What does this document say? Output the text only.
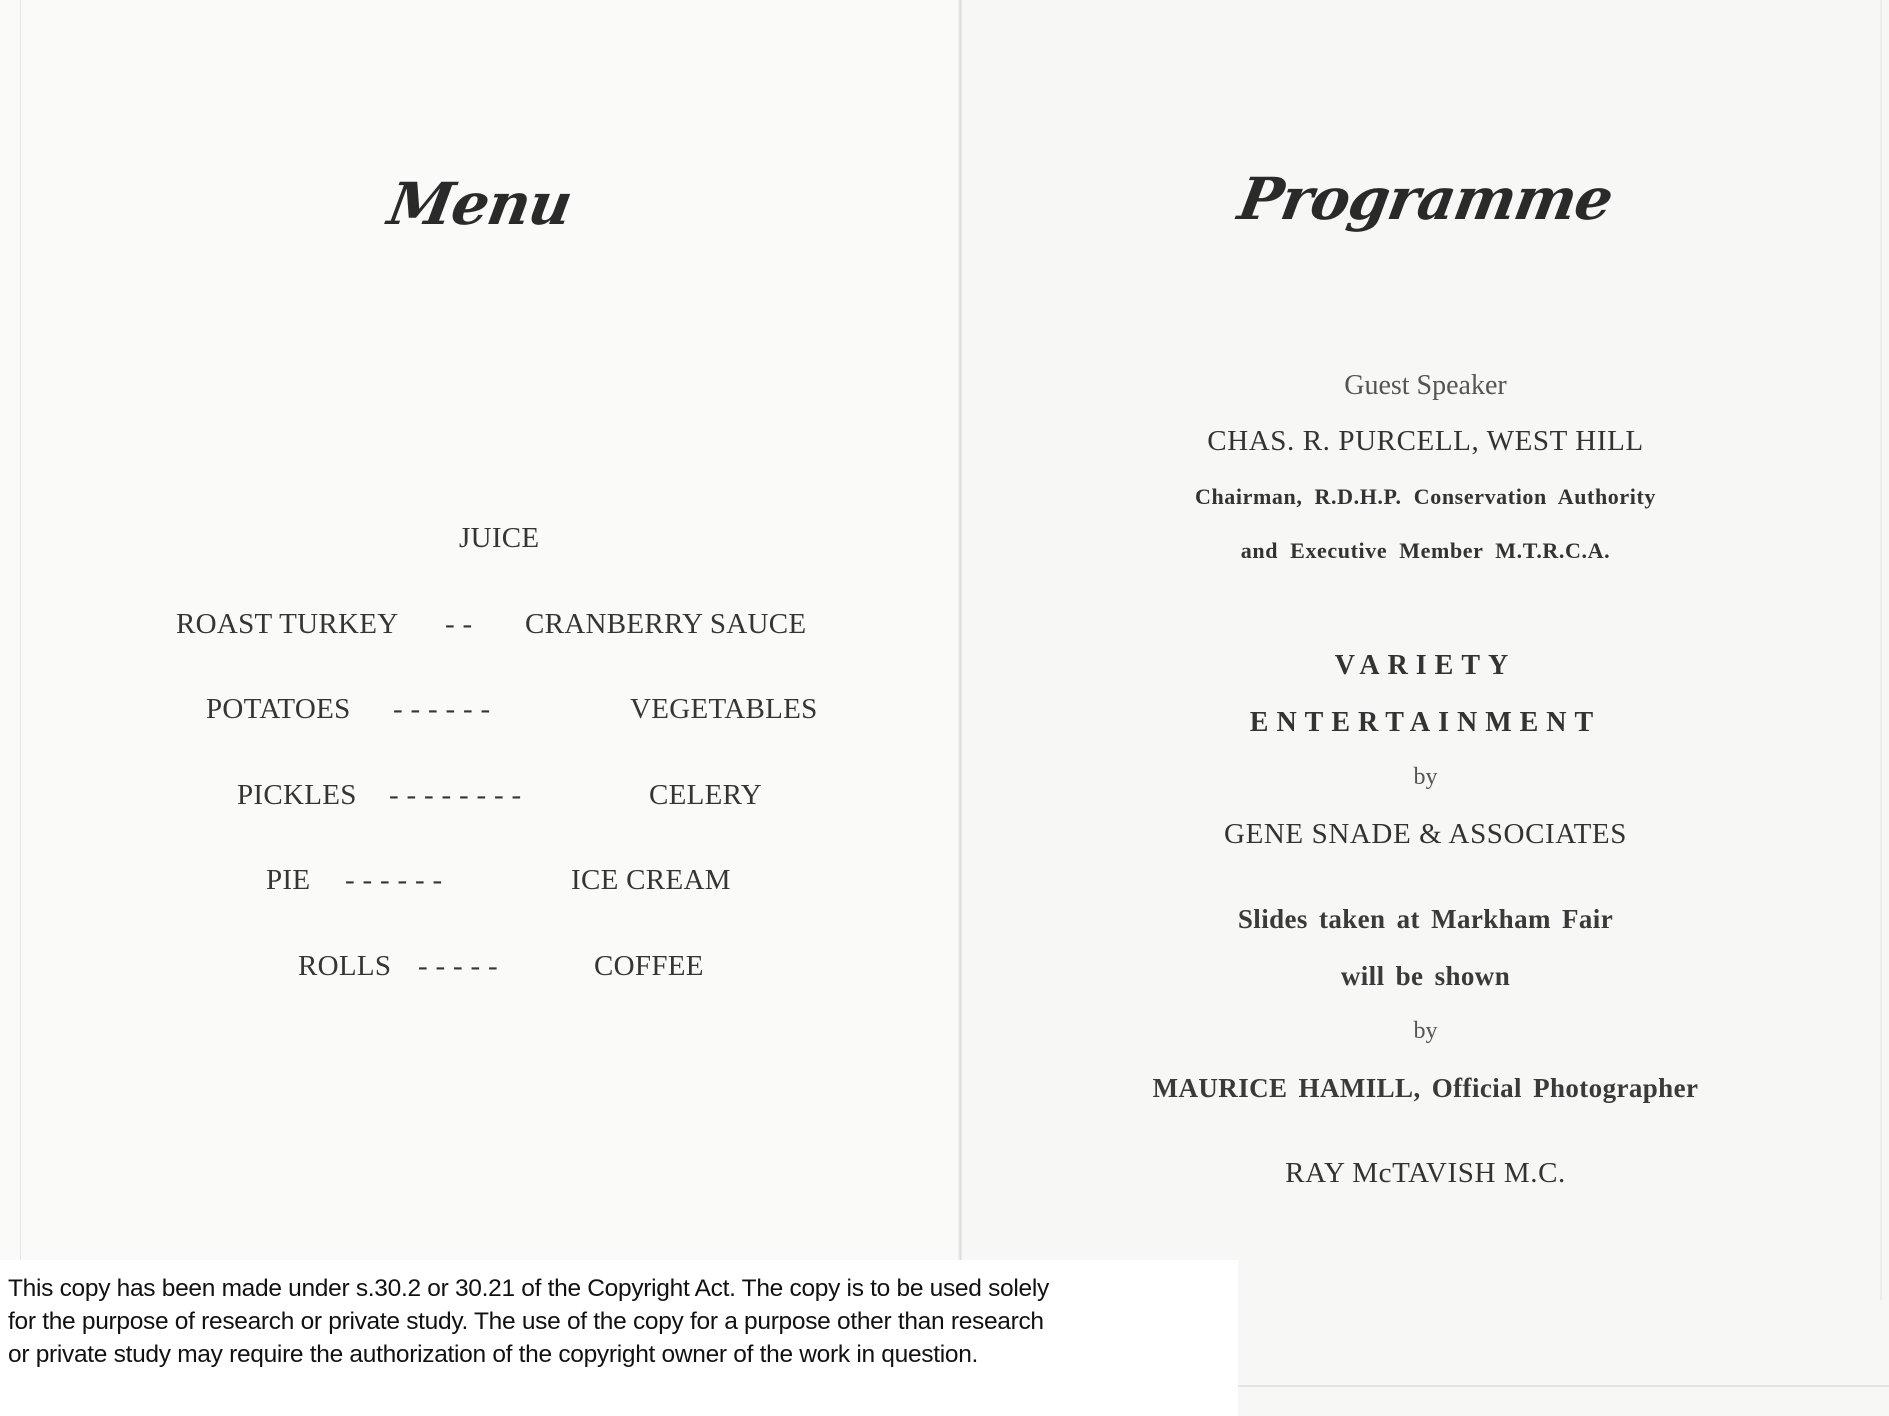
Menu
JUICE
ROAST TURKEY - - CRANBERRY SAUCE
POTATOES - - - - - -	VEGETABLES
PICKLES - - - - - - - -	CELERY
PIE - - - - - -	ICE CREAM
ROLLS - - - - -	COFFEE
Programme
Guest Speaker
CHAS. R. PURCELL, WEST HILL
Chairman, R.D.H.P. Conservation Authority
and Executive Member M.T.R.C.A.
VARIETY
ENTERTAINMENT
by
GENE SNADE & ASSOCIATES
Slides taken at Markham Fair
will be shown
by
MAURICE HAMILL, Official Photographer
RAY McTAVISH M.C.
This copy has been made under s.30.2 or 30.21 of the Copyright Act. The copy is to be used solely
for the purpose of research or private study. The use of the copy for a purpose other than research
or private study may require the authorization of the copyright owner of the work in question.
